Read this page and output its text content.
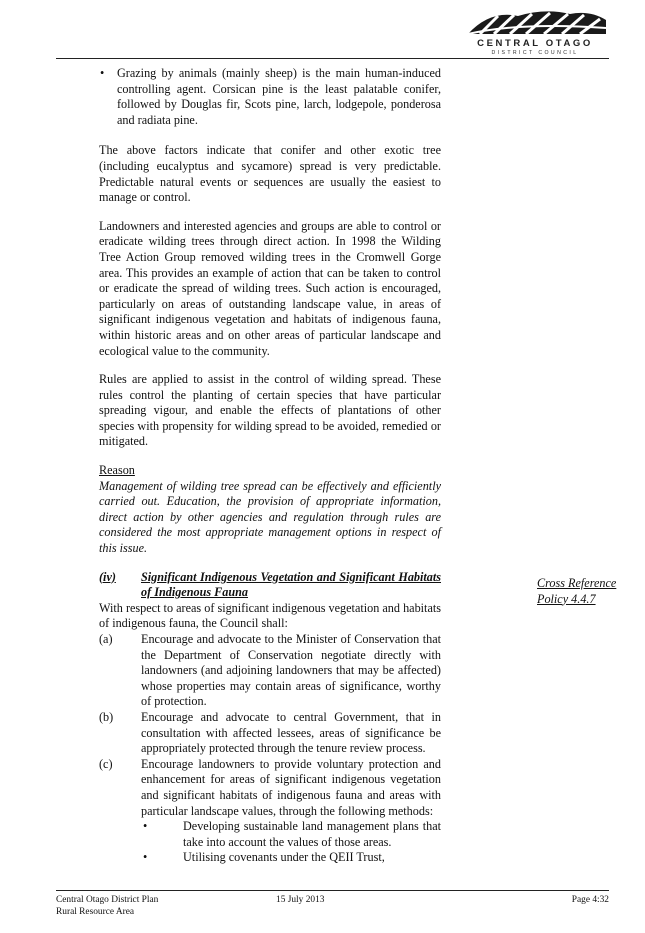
CENTRAL OTAGO
DISTRICT COUNCIL
• Grazing by animals (mainly sheep) is the main human-induced controlling agent. Corsican pine is the least palatable conifer, followed by Douglas fir, Scots pine, larch, lodgepole, ponderosa and radiata pine.

The above factors indicate that conifer and other exotic tree (including eucalyptus and sycamore) spread is very predictable. Predictable natural events or sequences are usually the easiest to manage or control.

Landowners and interested agencies and groups are able to control or eradicate wilding trees through direct action. In 1998 the Wilding Tree Action Group removed wilding trees in the Cromwell Gorge area. This provides an example of action that can be taken to control or eradicate the spread of wilding trees. Such action is encouraged, particularly on areas of outstanding landscape value, in areas of significant indigenous vegetation and habitats of indigenous fauna, within historic areas and on other areas of particular landscape and ecological value to the community.

Rules are applied to assist in the control of wilding spread. These rules control the planting of certain species that have particular spreading vigour, and enable the effects of plantations of other species with propensity for wilding spread to be avoided, remedied or mitigated.

Reason
Management of wilding tree spread can be effectively and efficiently carried out. Education, the provision of appropriate information, direct action by other agencies and regulation through rules are considered the most appropriate management options in respect of this issue.
(iv)	Significant Indigenous Vegetation and Significant Habitats of Indigenous Fauna
With respect to areas of significant indigenous vegetation and habitats of indigenous fauna, the Council shall:
(a)	Encourage and advocate to the Minister of Conservation that the Department of Conservation negotiate directly with landowners (and adjoining landowners that may be affected) whose properties may contain areas of significance, worthy of protection.
(b)	Encourage and advocate to central Government, that in consultation with affected lessees, areas of significance be appropriately protected through the tenure review process.
(c)	Encourage landowners to provide voluntary protection and enhancement for areas of significant indigenous vegetation and significant habitats of indigenous fauna and areas with particular landscape values, through the following methods:
•	Developing sustainable land management plans that take into account the values of those areas.
•	Utilising covenants under the QEII Trust,
Cross Reference
Policy 4.4.7
Central Otago District Plan
Rural Resource Area
15 July 2013	Page 4:32
